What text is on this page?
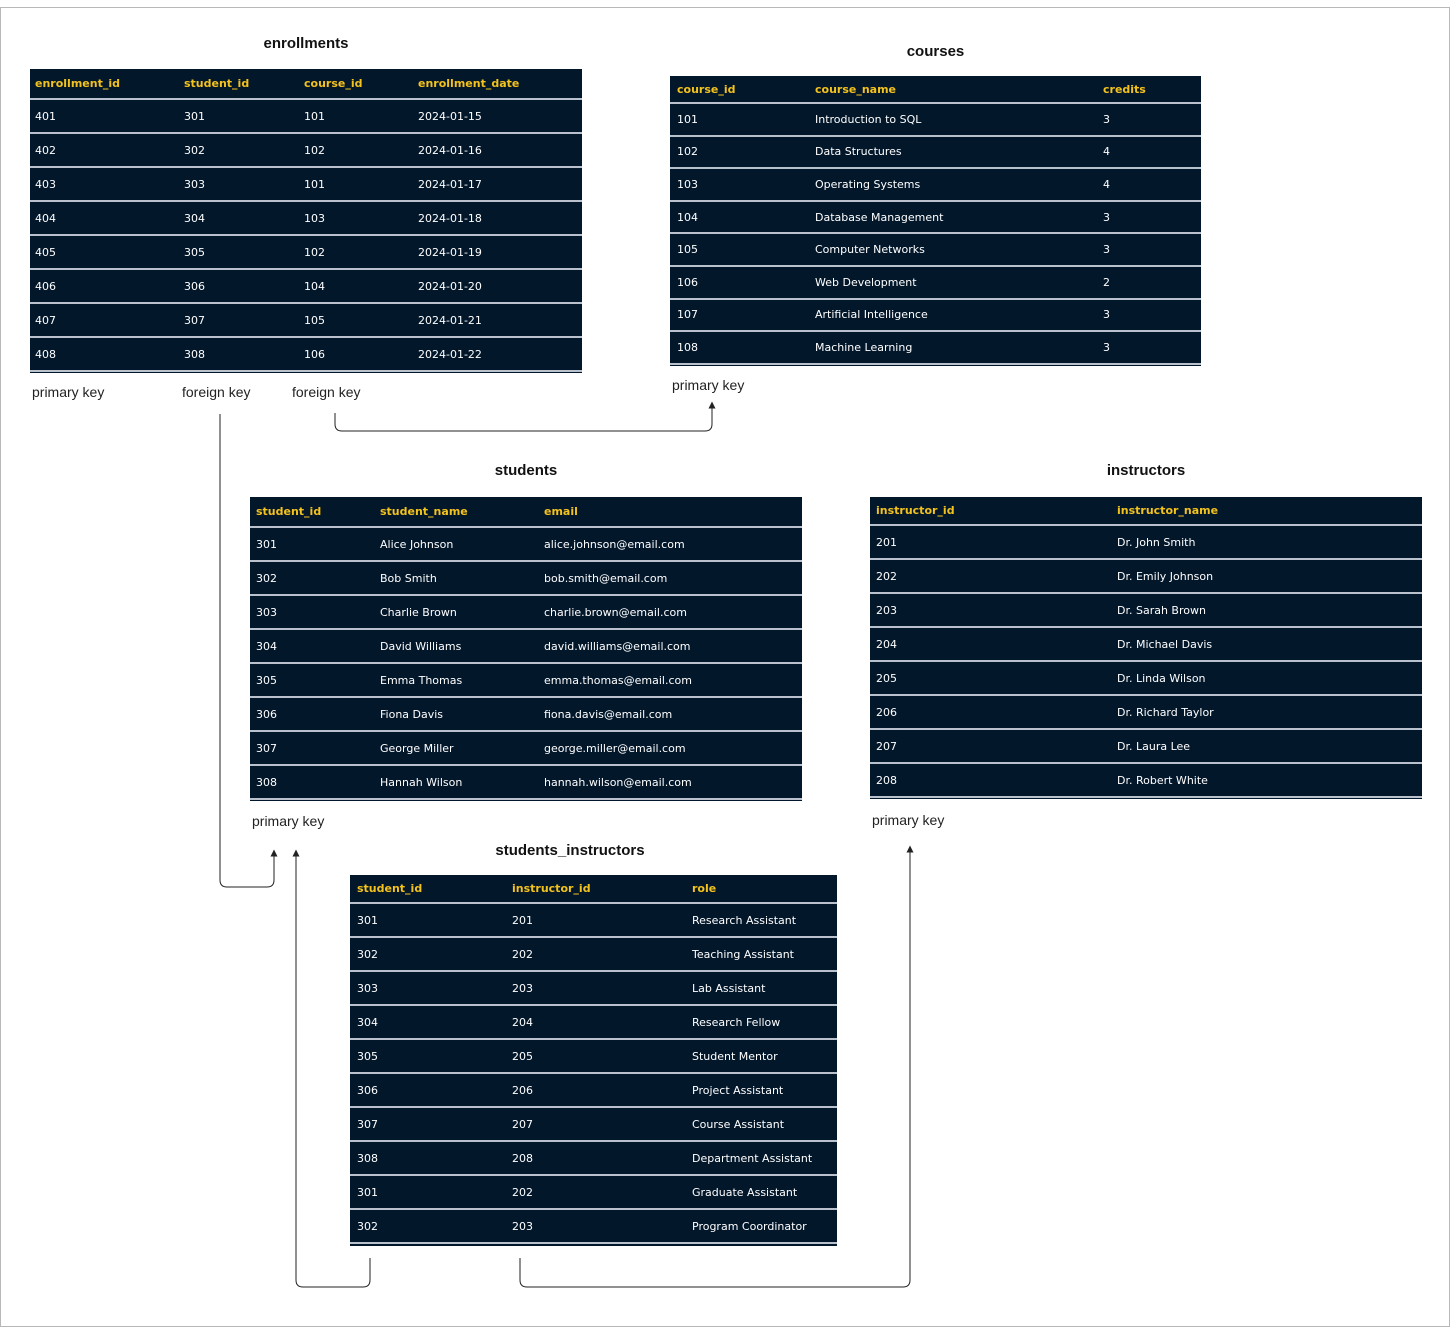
enrollments
enrollment_id	student_id	course_id	enrollment_date
401	301	101	2024-01-15
402	302	102	2024-01-16
403	303	101	2024-01-17
404	304	103	2024-01-18
405	305	102	2024-01-19
406	306	104	2024-01-20
407	307	105	2024-01-21
408	308	106	2024-01-22
courses
course_id	course_name	credits
101	Introduction to SQL	3
102	Data Structures	4
103	Operating Systems	4
104	Database Management	3
105	Computer Networks	3
106	Web Development	2
107	Artificial Intelligence	3
108	Machine Learning	3
students
student_id	student_name	email
301	Alice Johnson	alice.johnson@email.com
302	Bob Smith	bob.smith@email.com
303	Charlie Brown	charlie.brown@email.com
304	David Williams	david.williams@email.com
305	Emma Thomas	emma.thomas@email.com
306	Fiona Davis	fiona.davis@email.com
307	George Miller	george.miller@email.com
308	Hannah Wilson	hannah.wilson@email.com
instructors
instructor_id	instructor_name
201	Dr. John Smith
202	Dr. Emily Johnson
203	Dr. Sarah Brown
204	Dr. Michael Davis
205	Dr. Linda Wilson
206	Dr. Richard Taylor
207	Dr. Laura Lee
208	Dr. Robert White
students_instructors
student_id	instructor_id	role
301	201	Research Assistant
302	202	Teaching Assistant
303	203	Lab Assistant
304	204	Research Fellow
305	205	Student Mentor
306	206	Project Assistant
307	207	Course Assistant
308	208	Department Assistant
301	202	Graduate Assistant
302	203	Program Coordinator
primary key	foreign key	foreign key	primary key
primary key	primary key
